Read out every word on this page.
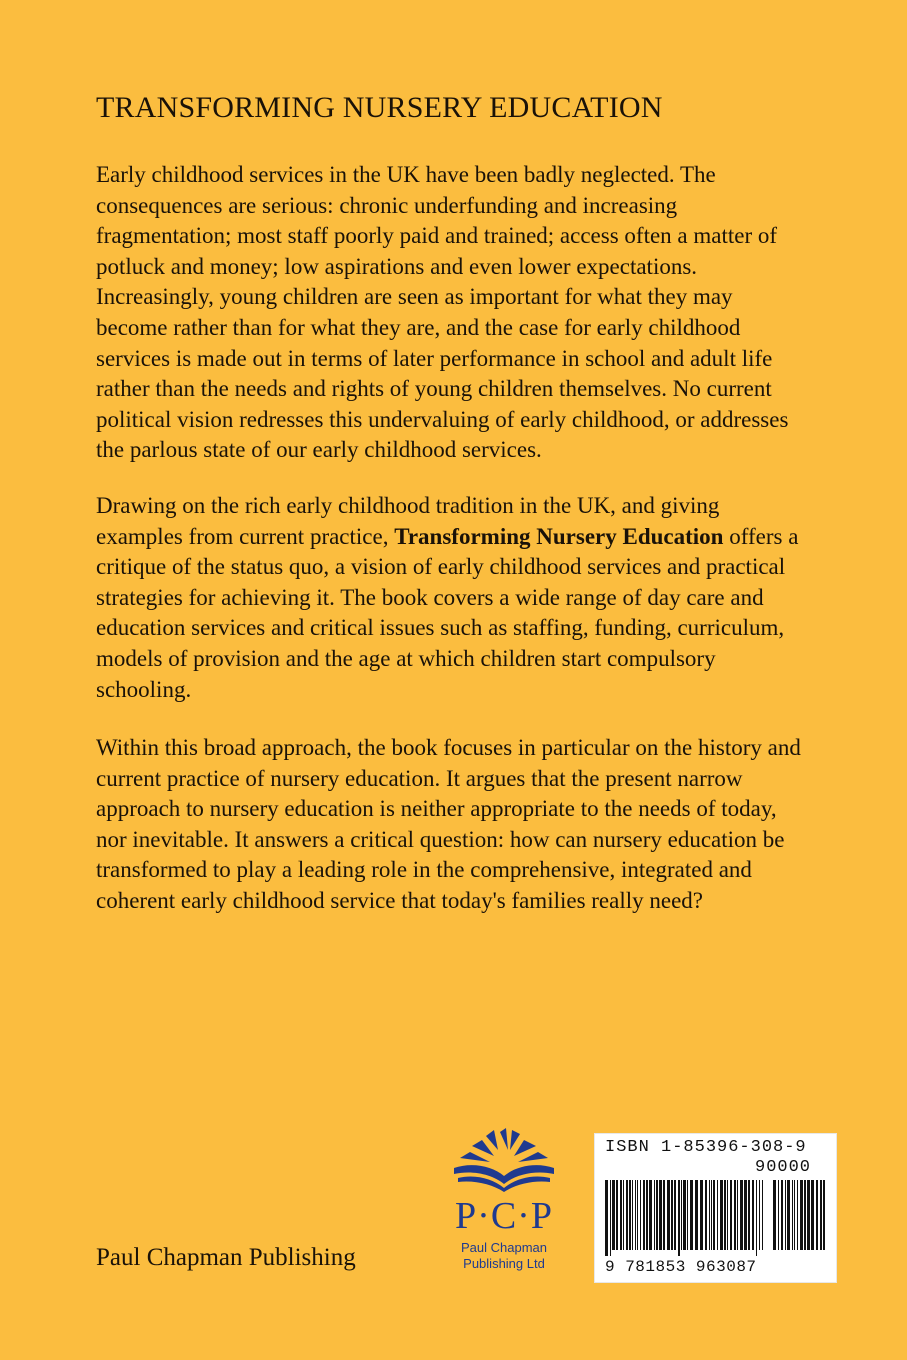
TRANSFORMING NURSERY EDUCATION

Early childhood services in the UK have been badly neglected. The consequences are serious: chronic underfunding and increasing fragmentation; most staff poorly paid and trained; access often a matter of potluck and money; low aspirations and even lower expectations. Increasingly, young children are seen as important for what they may become rather than for what they are, and the case for early childhood services is made out in terms of later performance in school and adult life rather than the needs and rights of young children themselves. No current political vision redresses this undervaluing of early childhood, or addresses the parlous state of our early childhood services.

Drawing on the rich early childhood tradition in the UK, and giving examples from current practice, Transforming Nursery Education offers a critique of the status quo, a vision of early childhood services and practical strategies for achieving it. The book covers a wide range of day care and education services and critical issues such as staffing, funding, curriculum, models of provision and the age at which children start compulsory schooling.

Within this broad approach, the book focuses in particular on the history and current practice of nursery education. It argues that the present narrow approach to nursery education is neither appropriate to the needs of today, nor inevitable. It answers a critical question: how can nursery education be transformed to play a leading role in the comprehensive, integrated and coherent early childhood service that today's families really need?

Paul Chapman Publishing
P·C·P
Paul Chapman
Publishing Ltd
ISBN 1-85396-308-9
90000
9 781853 963087
